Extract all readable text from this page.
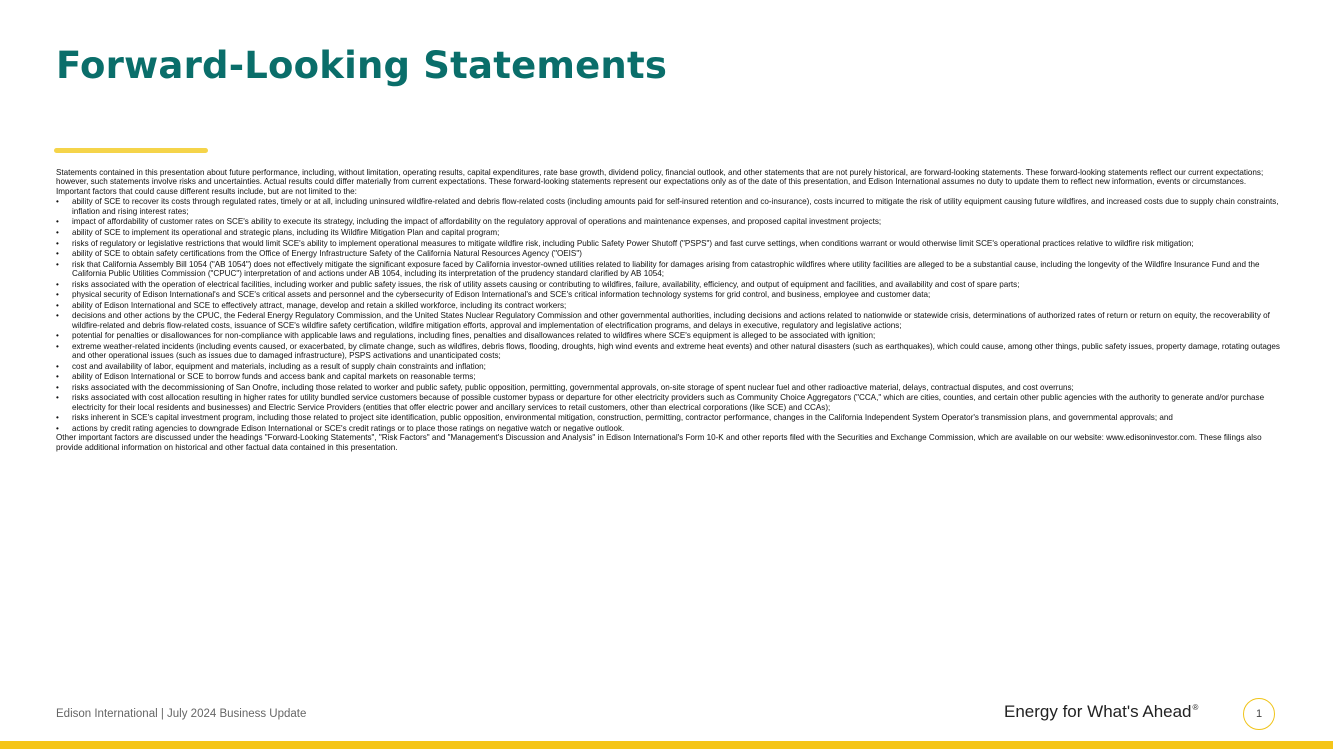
Forward-Looking Statements

Statements contained in this presentation about future performance, including, without limitation, operating results, capital expenditures, rate base growth, dividend policy, financial outlook, and other statements that are not purely historical, are forward-looking statements. These forward-looking statements reflect our current expectations; however, such statements involve risks and uncertainties. Actual results could differ materially from current expectations. These forward-looking statements represent our expectations only as of the date of this presentation, and Edison International assumes no duty to update them to reflect new information, events or circumstances. Important factors that could cause different results include, but are not limited to the:

• ability of SCE to recover its costs through regulated rates, timely or at all, including uninsured wildfire-related and debris flow-related costs (including amounts paid for self-insured retention and co-insurance), costs incurred to mitigate the risk of utility equipment causing future wildfires, and increased costs due to supply chain constraints, inflation and rising interest rates;
• impact of affordability of customer rates on SCE's ability to execute its strategy, including the impact of affordability on the regulatory approval of operations and maintenance expenses, and proposed capital investment projects;
• ability of SCE to implement its operational and strategic plans, including its Wildfire Mitigation Plan and capital program;
• risks of regulatory or legislative restrictions that would limit SCE's ability to implement operational measures to mitigate wildfire risk, including Public Safety Power Shutoff ("PSPS") and fast curve settings, when conditions warrant or would otherwise limit SCE's operational practices relative to wildfire risk mitigation;
• ability of SCE to obtain safety certifications from the Office of Energy Infrastructure Safety of the California Natural Resources Agency ("OEIS")
• risk that California Assembly Bill 1054 ("AB 1054") does not effectively mitigate the significant exposure faced by California investor-owned utilities related to liability for damages arising from catastrophic wildfires where utility facilities are alleged to be a substantial cause, including the longevity of the Wildfire Insurance Fund and the California Public Utilities Commission ("CPUC") interpretation of and actions under AB 1054, including its interpretation of the prudency standard clarified by AB 1054;
• risks associated with the operation of electrical facilities, including worker and public safety issues, the risk of utility assets causing or contributing to wildfires, failure, availability, efficiency, and output of equipment and facilities, and availability and cost of spare parts;
• physical security of Edison International's and SCE's critical assets and personnel and the cybersecurity of Edison International's and SCE's critical information technology systems for grid control, and business, employee and customer data;
• ability of Edison International and SCE to effectively attract, manage, develop and retain a skilled workforce, including its contract workers;
• decisions and other actions by the CPUC, the Federal Energy Regulatory Commission, and the United States Nuclear Regulatory Commission and other governmental authorities, including decisions and actions related to nationwide or statewide crisis, determinations of authorized rates of return or return on equity, the recoverability of wildfire-related and debris flow-related costs, issuance of SCE's wildfire safety certification, wildfire mitigation efforts, approval and implementation of electrification programs, and delays in executive, regulatory and legislative actions;
• potential for penalties or disallowances for non-compliance with applicable laws and regulations, including fines, penalties and disallowances related to wildfires where SCE's equipment is alleged to be associated with ignition;
• extreme weather-related incidents (including events caused, or exacerbated, by climate change, such as wildfires, debris flows, flooding, droughts, high wind events and extreme heat events) and other natural disasters (such as earthquakes), which could cause, among other things, public safety issues, property damage, rotating outages and other operational issues (such as issues due to damaged infrastructure), PSPS activations and unanticipated costs;
• cost and availability of labor, equipment and materials, including as a result of supply chain constraints and inflation;
• ability of Edison International or SCE to borrow funds and access bank and capital markets on reasonable terms;
• risks associated with the decommissioning of San Onofre, including those related to worker and public safety, public opposition, permitting, governmental approvals, on-site storage of spent nuclear fuel and other radioactive material, delays, contractual disputes, and cost overruns;
• risks associated with cost allocation resulting in higher rates for utility bundled service customers because of possible customer bypass or departure for other electricity providers such as Community Choice Aggregators ("CCA," which are cities, counties, and certain other public agencies with the authority to generate and/or purchase electricity for their local residents and businesses) and Electric Service Providers (entities that offer electric power and ancillary services to retail customers, other than electrical corporations (like SCE) and CCAs);
• risks inherent in SCE's capital investment program, including those related to project site identification, public opposition, environmental mitigation, construction, permitting, contractor performance, changes in the California Independent System Operator's transmission plans, and governmental approvals; and
• actions by credit rating agencies to downgrade Edison International or SCE's credit ratings or to place those ratings on negative watch or negative outlook.

Other important factors are discussed under the headings "Forward-Looking Statements", "Risk Factors" and "Management's Discussion and Analysis" in Edison International's Form 10-K and other reports filed with the Securities and Exchange Commission, which are available on our website: www.edisoninvestor.com. These filings also provide additional information on historical and other factual data contained in this presentation.

Edison International | July 2024 Business Update	Energy for What's Ahead®
1
